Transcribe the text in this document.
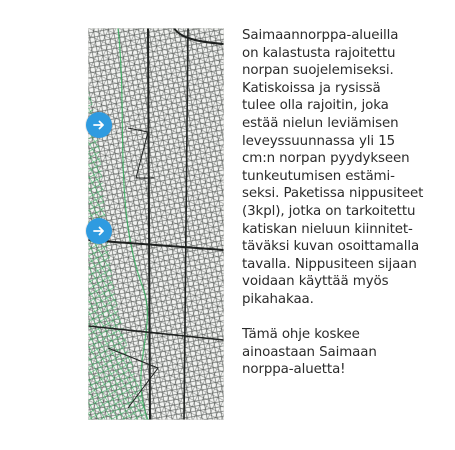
Saimaannorppa-alueilla
on kalastusta rajoitettu
norpan suojelemiseksi.
Katiskoissa ja rysissä
tulee olla rajoitin, joka
estää nielun leviämisen
leveyssuunnassa yli 15
cm:n norpan pyydykseen
tunkeutumisen estämi-
seksi. Paketissa nippusiteet
(3kpl), jotka on tarkoitettu
katiskan nieluun kiinnitet-
täväksi kuvan osoittamalla
tavalla. Nippusiteen sijaan
voidaan käyttää myös
pikahakaa.

Tämä ohje koskee
ainoastaan Saimaan
norppa-aluetta!
